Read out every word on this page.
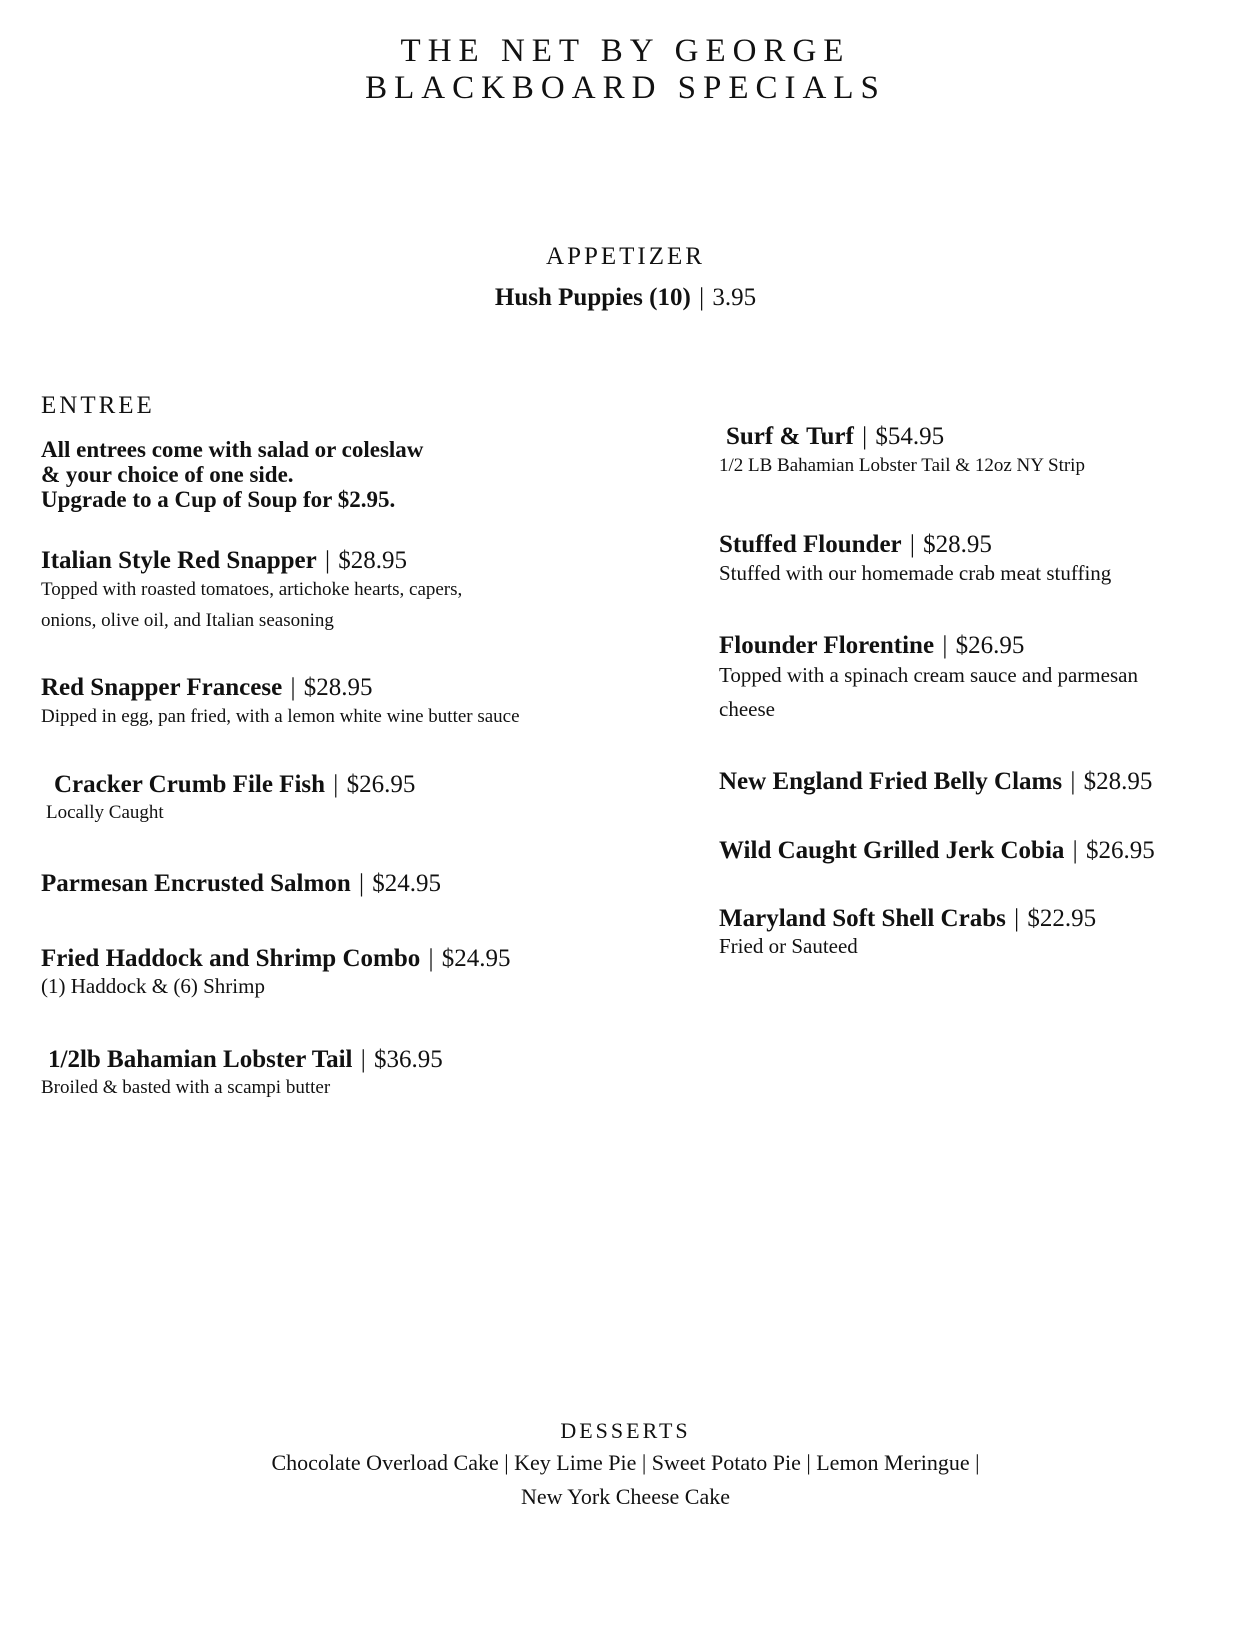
THE NET BY GEORGE
BLACKBOARD SPECIALS
APPETIZER
Hush Puppies (10) | 3.95
ENTREE
All entrees come with salad or coleslaw
& your choice of one side.
Upgrade to a Cup of Soup for $2.95.
Italian Style Red Snapper | $28.95
Topped with roasted tomatoes, artichoke hearts, capers,
onions, olive oil, and Italian seasoning
Red Snapper Francese | $28.95
Dipped in egg, pan fried, with a lemon white wine butter sauce
Cracker Crumb File Fish | $26.95
Locally Caught
Parmesan Encrusted Salmon | $24.95
Fried Haddock and Shrimp Combo | $24.95
(1) Haddock & (6) Shrimp
1/2lb Bahamian Lobster Tail | $36.95
Broiled & basted with a scampi butter
Surf & Turf | $54.95
1/2 LB Bahamian Lobster Tail & 12oz NY Strip
Stuffed Flounder | $28.95
Stuffed with our homemade crab meat stuffing
Flounder Florentine | $26.95
Topped with a spinach cream sauce and parmesan
cheese
New England Fried Belly Clams | $28.95
Wild Caught Grilled Jerk Cobia | $26.95
Maryland Soft Shell Crabs | $22.95
Fried or Sauteed
DESSERTS
Chocolate Overload Cake | Key Lime Pie | Sweet Potato Pie | Lemon Meringue |
New York Cheese Cake
